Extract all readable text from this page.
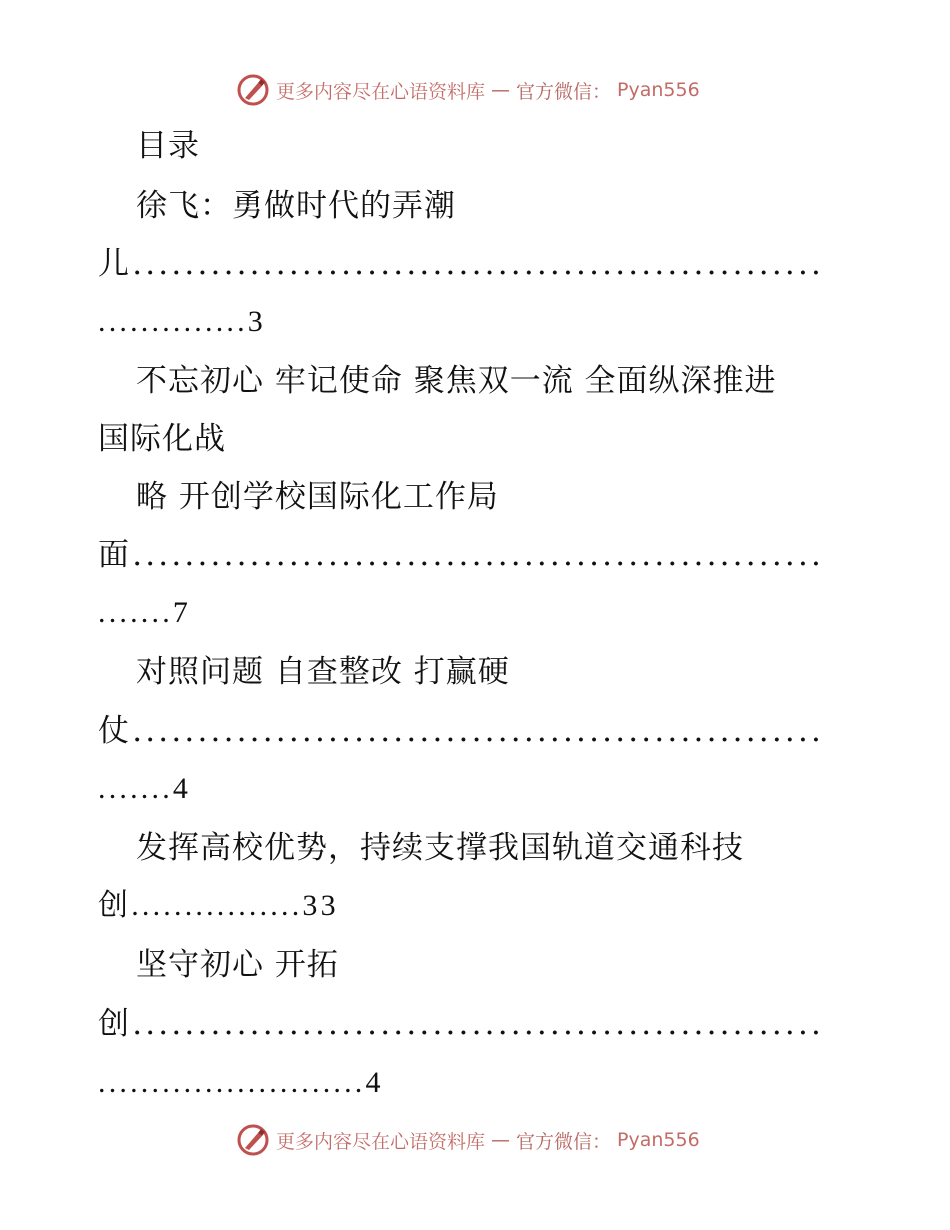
更多内容尽在心语资料库 — 官方微信： Pyan556
目录
徐飞：勇做时代的弄潮
儿.....................................................
..............3
不忘初心 牢记使命 聚焦双一流 全面纵深推进
国际化战
略 开创学校国际化工作局
面.....................................................
.......7
对照问题 自查整改 打赢硬
仗.....................................................
.......4
发挥高校优势，持续支撑我国轨道交通科技
创................33
坚守初心 开拓
创.....................................................
.........................4
更多内容尽在心语资料库 — 官方微信： Pyan556
